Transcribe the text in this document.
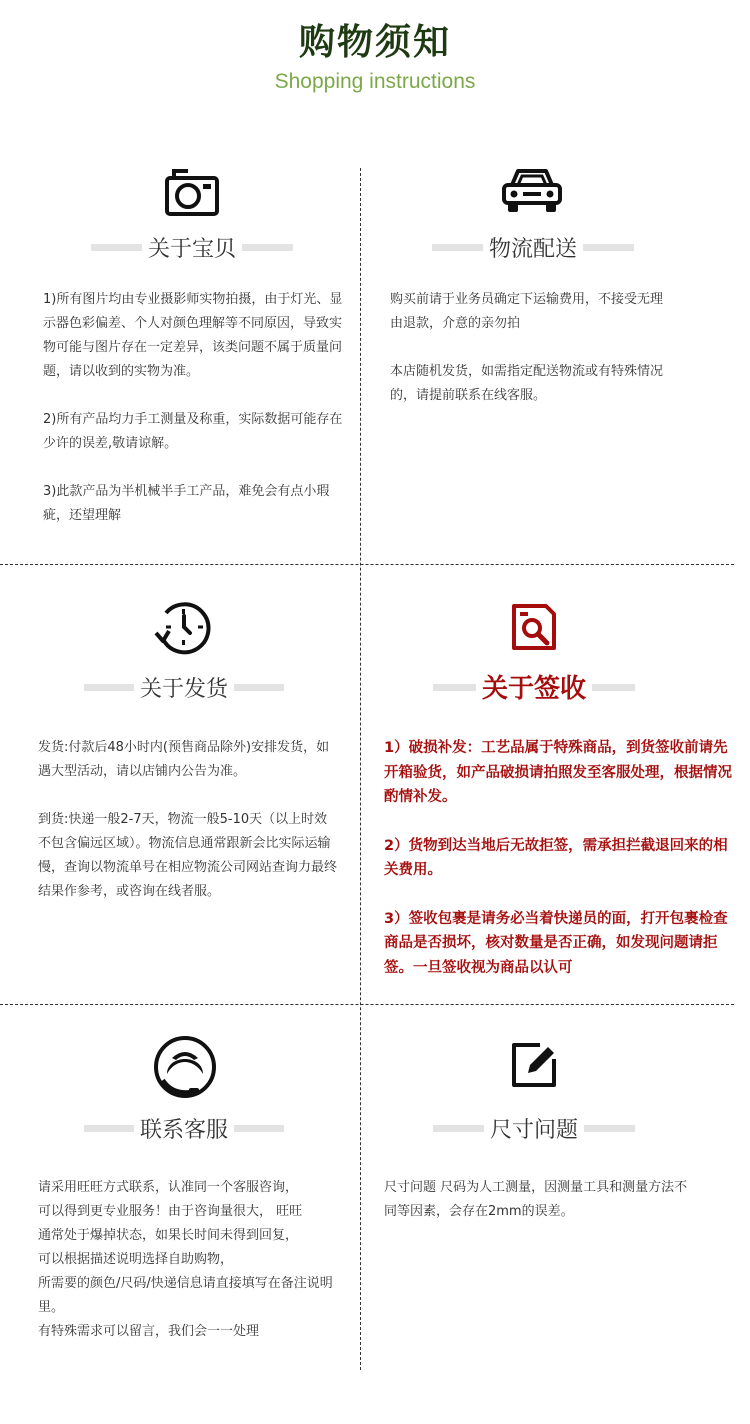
购物须知
Shopping instructions
关于宝贝

1)所有图片均由专业摄影师实物拍摄，由于灯光、显示器色彩偏差、个人对颜色理解等不同原因，导致实物可能与图片存在一定差异，该类问题不属于质量问题，请以收到的实物为准。

2)所有产品均力手工测量及称重，实际数据可能存在少许的误差,敬请谅解。

3)此款产品为半机械半手工产品，难免会有点小瑕疵，还望理解

物流配送

购买前请于业务员确定下运输费用，不接受无理由退款，介意的亲勿拍

本店随机发货，如需指定配送物流或有特殊情况的，请提前联系在线客服。

关于发货

发货:付款后48小时内(预售商品除外)安排发货，如遇大型活动，请以店铺内公告为准。

到货:快递一般2-7天，物流一般5-10天（以上时效不包含偏远区域）。物流信息通常跟新会比实际运输慢，查询以物流单号在相应物流公司网站查询力最终结果作参考，或咨询在线者服。

关于签收

1）破损补发：工艺品属于特殊商品，到货签收前请先开箱验货，如产品破损请拍照发至客服处理，根据情况酌情补发。

2）货物到达当地后无故拒签，需承担拦截退回来的相关费用。

3）签收包裹是请务必当着快递员的面，打开包裹检查商品是否损坏，核对数量是否正确，如发现问题请拒签。一旦签收视为商品以认可

联系客服

请采用旺旺方式联系，认准同一个客服咨询，

可以得到更专业服务！由于咨询量很大， 旺旺

通常处于爆掉状态，如果长时间未得到回复，

可以根据描述说明选择自助购物，

所需要的颜色/尺码/快递信息请直接填写在备注说明里。

有特殊需求可以留言，我们会一一处理

尺寸问题

尺寸问题 尺码为人工测量，因测量工具和测量方法不同等因素，会存在2mm的误差。
